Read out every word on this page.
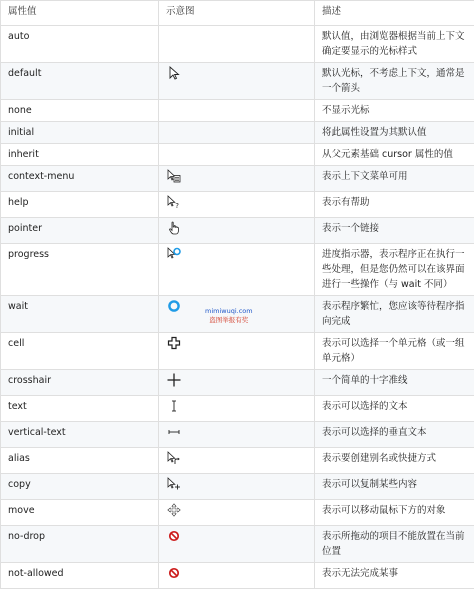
属性值	示意图	描述
auto		默认值，由浏览器根据当前上下文确定要显示的光标样式
default		默认光标，不考虑上下文，通常是一个箭头
none		不显示光标
initial		将此属性设置为其默认值
inherit		从父元素基础 cursor 属性的值
context-menu		表示上下文菜单可用
help	?	表示有帮助
pointer		表示一个链接
progress		进度指示器，表示程序正在执行一些处理，但是您仍然可以在该界面进行一些操作（与 wait 不同）
wait		表示程序繁忙，您应该等待程序指向完成
cell		表示可以选择一个单元格（或一组单元格）
crosshair		一个简单的十字准线
text		表示可以选择的文本
vertical-text		表示可以选择的垂直文本
alias		表示要创建别名或快捷方式
copy		表示可以复制某些内容
move		表示可以移动鼠标下方的对象
no-drop		表示所拖动的项目不能放置在当前位置
not-allowed		表示无法完成某事
mimiwuqi.com
盗图举报有奖
